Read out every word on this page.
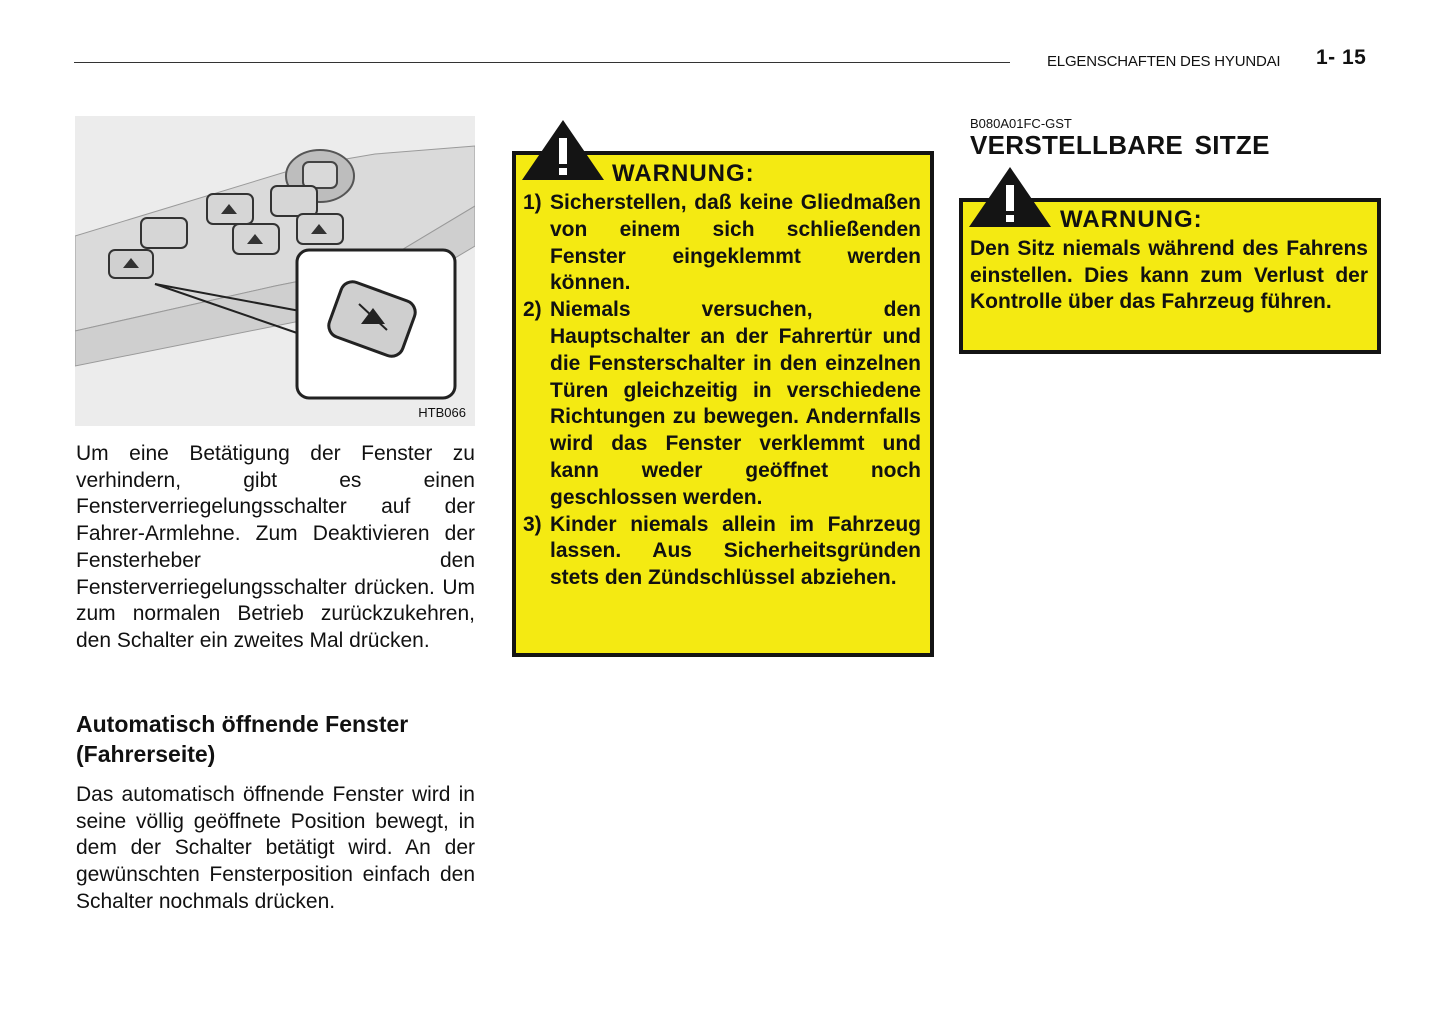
ELGENSCHAFTEN DES HYUNDAI 1- 15
HTB066

Um eine Betätigung der Fenster zu verhindern, gibt es einen Fensterverriegelungsschalter auf der Fahrer-Armlehne. Zum Deaktivieren der Fensterheber den Fensterverriegelungsschalter drücken. Um zum normalen Betrieb zurückzukehren, den Schalter ein zweites Mal drücken.

Automatisch öffnende Fenster (Fahrerseite)

Das automatisch öffnende Fenster wird in seine völlig geöffnete Position bewegt, in dem der Schalter betätigt wird. An der gewünschten Fensterposition einfach den Schalter nochmals drücken.

WARNUNG:
1) Sicherstellen, daß keine Gliedmaßen von einem sich schließenden Fenster eingeklemmt werden können.
2) Niemals versuchen, den Hauptschalter an der Fahrertür und die Fensterschalter in den einzelnen Türen gleichzeitig in verschiedene Richtungen zu bewegen. Andernfalls wird das Fenster verklemmt und kann weder geöffnet noch geschlossen werden.
3) Kinder niemals allein im Fahrzeug lassen. Aus Sicherheitsgründen stets den Zündschlüssel abziehen.
B080A01FC-GST
VERSTELLBARE SITZE
WARNUNG:

Den Sitz niemals während des Fahrens einstellen. Dies kann zum Verlust der Kontrolle über das Fahrzeug führen.
